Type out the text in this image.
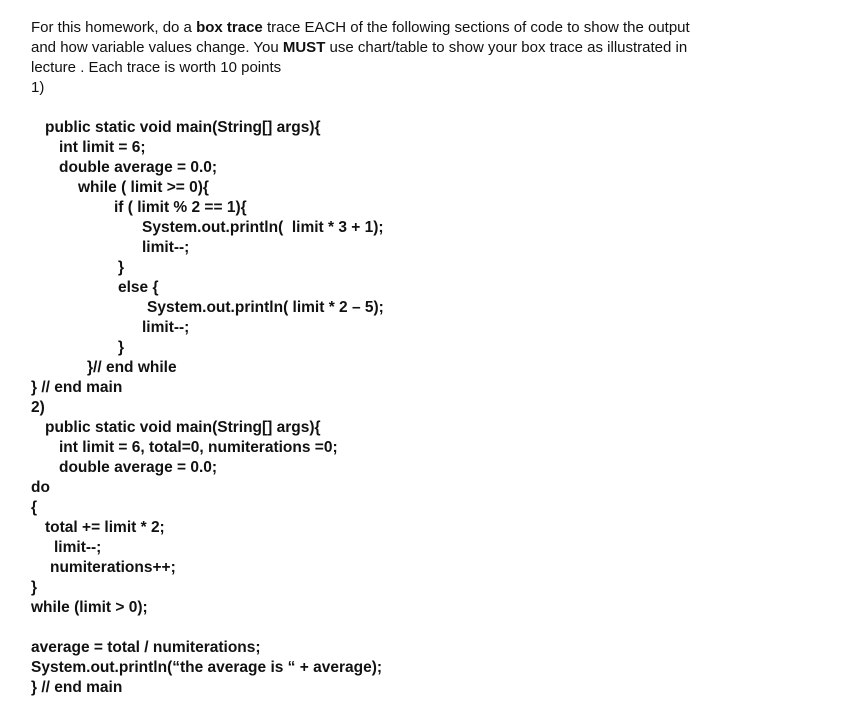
For this homework, do a box trace trace EACH of the following sections of code to show the output
and how variable values change. You MUST use chart/table to show your box trace as illustrated in
lecture . Each trace is worth 10 points
1)
public static void main(String[] args){
int limit = 6;
double average = 0.0;
while ( limit >= 0){
if ( limit % 2 == 1){
System.out.println(  limit * 3 + 1);
limit--;
}
else {
System.out.println( limit * 2 – 5);
limit--;
}
}// end while
} // end main
2)
public static void main(String[] args){
int limit = 6, total=0, numiterations =0;
double average = 0.0;
do
{
total += limit * 2;
limit--;
numiterations++;
}
while (limit > 0);
average = total / numiterations;
System.out.println(“the average is “ + average);
} // end main
